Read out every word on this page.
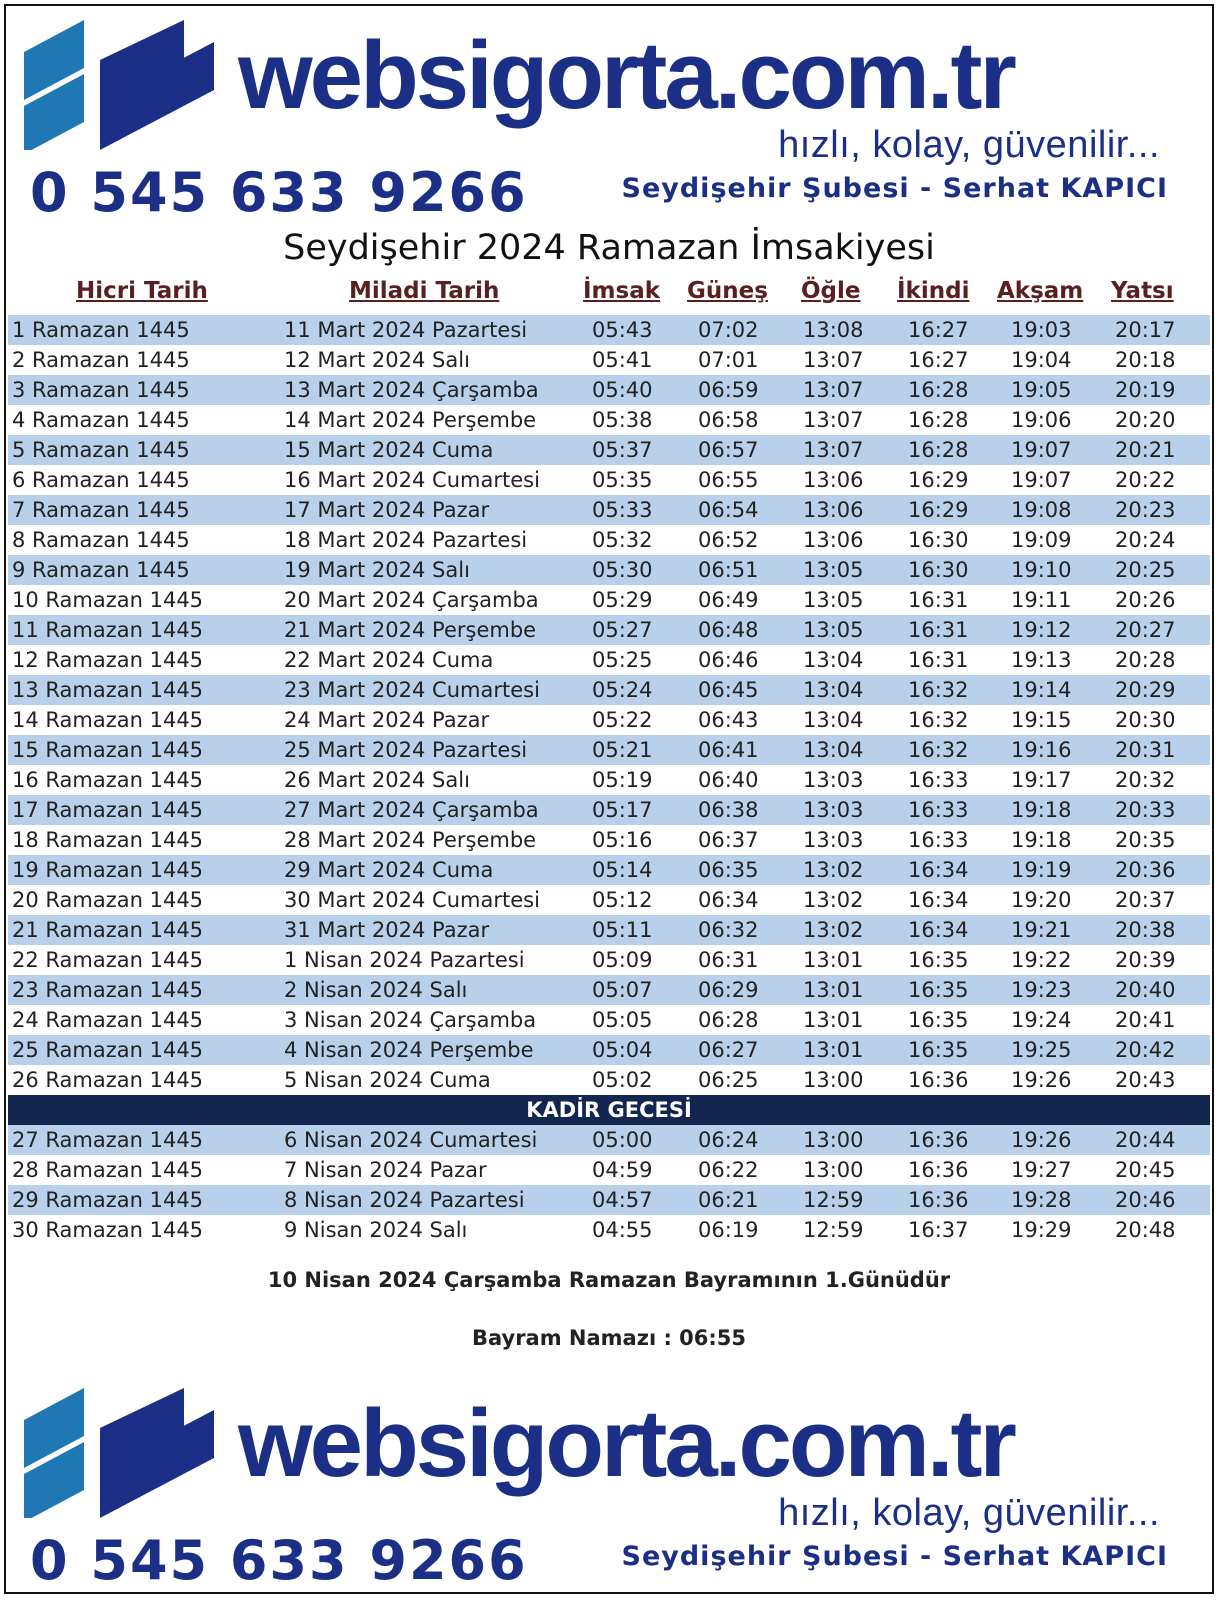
websigorta.com.tr
hızlı, kolay, güvenilir...
0 545 633 9266	Seydişehir Şubesi - Serhat KAPICI
Seydişehir 2024 Ramazan İmsakiyesi
Hicri Tarih	Miladi Tarih	İmsak Güneş Öğle İkindi Akşam Yatsı
1 Ramazan 1445	11 Mart 2024 Pazartesi	05:43 07:02 13:08 16:27 19:03 20:17
2 Ramazan 1445	12 Mart 2024 Salı	05:41 07:01 13:07 16:27 19:04 20:18
3 Ramazan 1445	13 Mart 2024 Çarşamba	05:40 06:59 13:07 16:28 19:05 20:19
4 Ramazan 1445	14 Mart 2024 Perşembe	05:38 06:58 13:07 16:28 19:06 20:20
5 Ramazan 1445	15 Mart 2024 Cuma	05:37 06:57 13:07 16:28 19:07 20:21
6 Ramazan 1445	16 Mart 2024 Cumartesi 05:35 06:55 13:06 16:29 19:07 20:22
7 Ramazan 1445	17 Mart 2024 Pazar	05:33 06:54 13:06 16:29 19:08 20:23
8 Ramazan 1445	18 Mart 2024 Pazartesi	05:32 06:52 13:06 16:30 19:09 20:24
9 Ramazan 1445	19 Mart 2024 Salı	05:30 06:51 13:05 16:30 19:10 20:25
10 Ramazan 1445	20 Mart 2024 Çarşamba	05:29 06:49 13:05 16:31 19:11 20:26
11 Ramazan 1445	21 Mart 2024 Perşembe	05:27 06:48 13:05 16:31 19:12 20:27
12 Ramazan 1445	22 Mart 2024 Cuma	05:25 06:46 13:04 16:31 19:13 20:28
13 Ramazan 1445	23 Mart 2024 Cumartesi 05:24 06:45 13:04 16:32 19:14 20:29
14 Ramazan 1445	24 Mart 2024 Pazar	05:22 06:43 13:04 16:32 19:15 20:30
15 Ramazan 1445	25 Mart 2024 Pazartesi	05:21 06:41 13:04 16:32 19:16 20:31
16 Ramazan 1445	26 Mart 2024 Salı	05:19 06:40 13:03 16:33 19:17 20:32
17 Ramazan 1445	27 Mart 2024 Çarşamba	05:17 06:38 13:03 16:33 19:18 20:33
18 Ramazan 1445	28 Mart 2024 Perşembe	05:16 06:37 13:03 16:33 19:18 20:35
19 Ramazan 1445	29 Mart 2024 Cuma	05:14 06:35 13:02 16:34 19:19 20:36
20 Ramazan 1445	30 Mart 2024 Cumartesi 05:12 06:34 13:02 16:34 19:20 20:37
21 Ramazan 1445	31 Mart 2024 Pazar	05:11 06:32 13:02 16:34 19:21 20:38
22 Ramazan 1445	1 Nisan 2024 Pazartesi	05:09 06:31 13:01 16:35 19:22 20:39
23 Ramazan 1445	2 Nisan 2024 Salı	05:07 06:29 13:01 16:35 19:23 20:40
24 Ramazan 1445	3 Nisan 2024 Çarşamba	05:05 06:28 13:01 16:35 19:24 20:41
25 Ramazan 1445	4 Nisan 2024 Perşembe	05:04 06:27 13:01 16:35 19:25 20:42
26 Ramazan 1445	5 Nisan 2024 Cuma	05:02 06:25 13:00 16:36 19:26 20:43
KADİR GECESİ
27 Ramazan 1445	6 Nisan 2024 Cumartesi	05:00 06:24 13:00 16:36 19:26 20:44
28 Ramazan 1445	7 Nisan 2024 Pazar	04:59 06:22 13:00 16:36 19:27 20:45
29 Ramazan 1445	8 Nisan 2024 Pazartesi	04:57 06:21 12:59 16:36 19:28 20:46
30 Ramazan 1445	9 Nisan 2024 Salı	04:55 06:19 12:59 16:37 19:29 20:48
10 Nisan 2024 Çarşamba Ramazan Bayramının 1.Günüdür
Bayram Namazı : 06:55
websigorta.com.tr
hızlı, kolay, güvenilir...
0 545 633 9266	Seydişehir Şubesi - Serhat KAPICI
